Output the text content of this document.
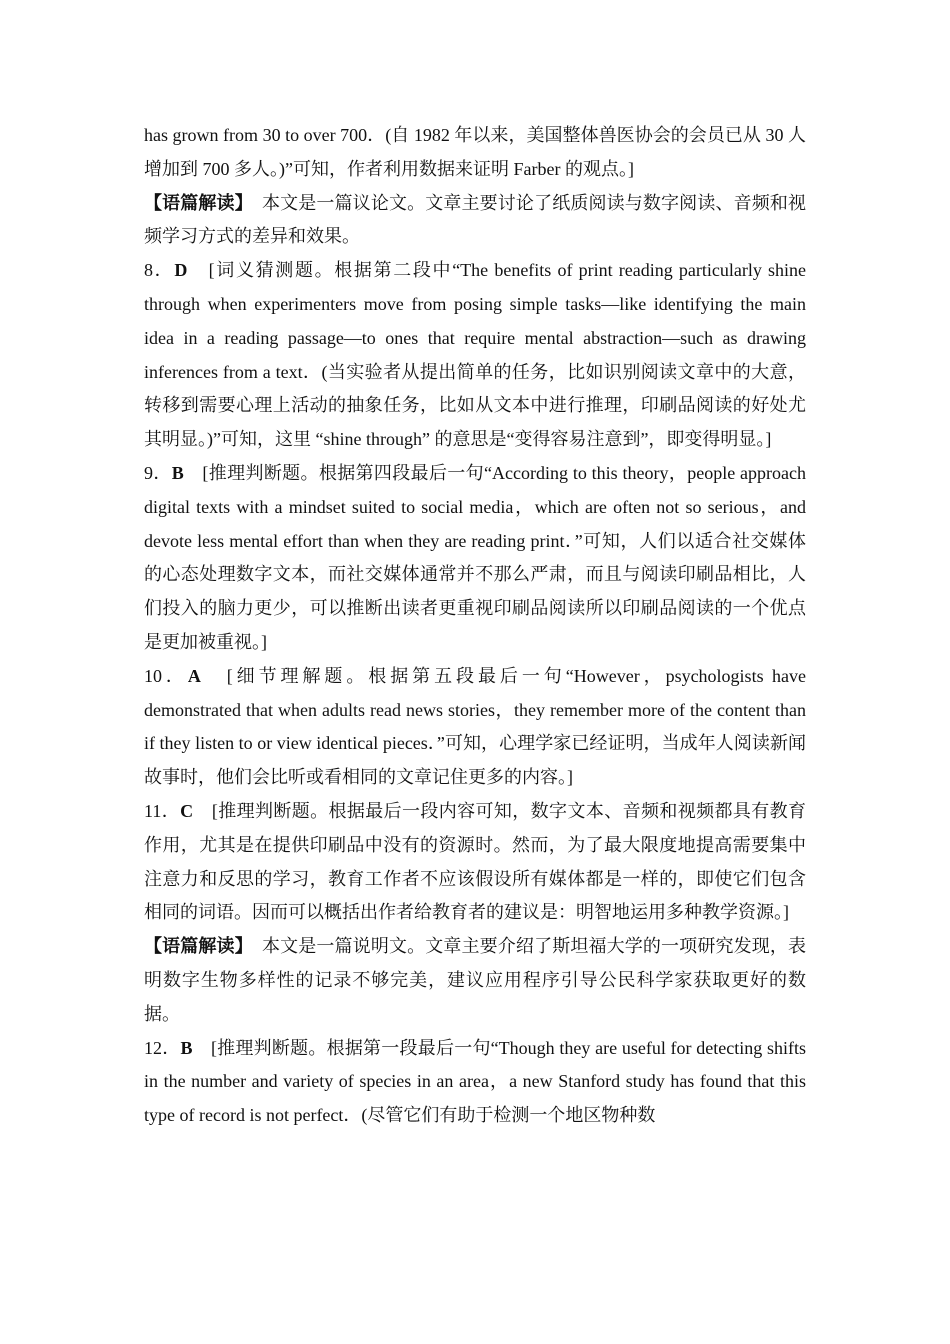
has grown from 30 to over 700．(自 1982 年以来，美国整体兽医协会的会员已从 30 人增加到 700 多人。)”可知，作者利用数据来证明 Farber 的观点。]

【语篇解读】　 本文是一篇议论文。文章主要讨论了纸质阅读与数字阅读、音频和视频学习方式的差异和效果。

8．D　 [词义猜测题。根据第二段中“The benefits of print reading particularly shine through when experimenters move from posing simple tasks—like identifying the main idea in a reading passage—to ones that require mental abstraction—such as drawing inferences from a text．(当实验者从提出简单的任务，比如识别阅读文章中的大意，转移到需要心理上活动的抽象任务，比如从文本中进行推理，印刷品阅读的好处尤其明显。)”可知，这里 “shine through” 的意思是“变得容易注意到”，即变得明显。]

9．B　 [推理判断题。根据第四段最后一句“According to this theory，people approach digital texts with a mindset suited to social media，which are often not so serious，and devote less mental effort than when they are reading print．”可知，人们以适合社交媒体的心态处理数字文本，而社交媒体通常并不那么严肃，而且与阅读印刷品相比，人们投入的脑力更少，可以推断出读者更重视印刷品阅读所以印刷品阅读的一个优点是更加被重视。]

10．A　 [细节理解题。根据第五段最后一句“However，psychologists have demonstrated that when adults read news stories，they remember more of the content than if they listen to or view identical pieces．”可知，心理学家已经证明，当成年人阅读新闻故事时，他们会比听或看相同的文章记住更多的内容。]

11．C　 [推理判断题。根据最后一段内容可知，数字文本、音频和视频都具有教育作用，尤其是在提供印刷品中没有的资源时。然而，为了最大限度地提高需要集中注意力和反思的学习，教育工作者不应该假设所有媒体都是一样的，即使它们包含相同的词语。因而可以概括出作者给教育者的建议是：明智地运用多种教学资源。]

【语篇解读】　 本文是一篇说明文。文章主要介绍了斯坦福大学的一项研究发现，表明数字生物多样性的记录不够完美，建议应用程序引导公民科学家获取更好的数据。

12．B　 [推理判断题。根据第一段最后一句“Though they are useful for detecting shifts in the number and variety of species in an area，a new Stanford study has found that this type of record is not perfect．(尽管它们有助于检测一个地区物种数
